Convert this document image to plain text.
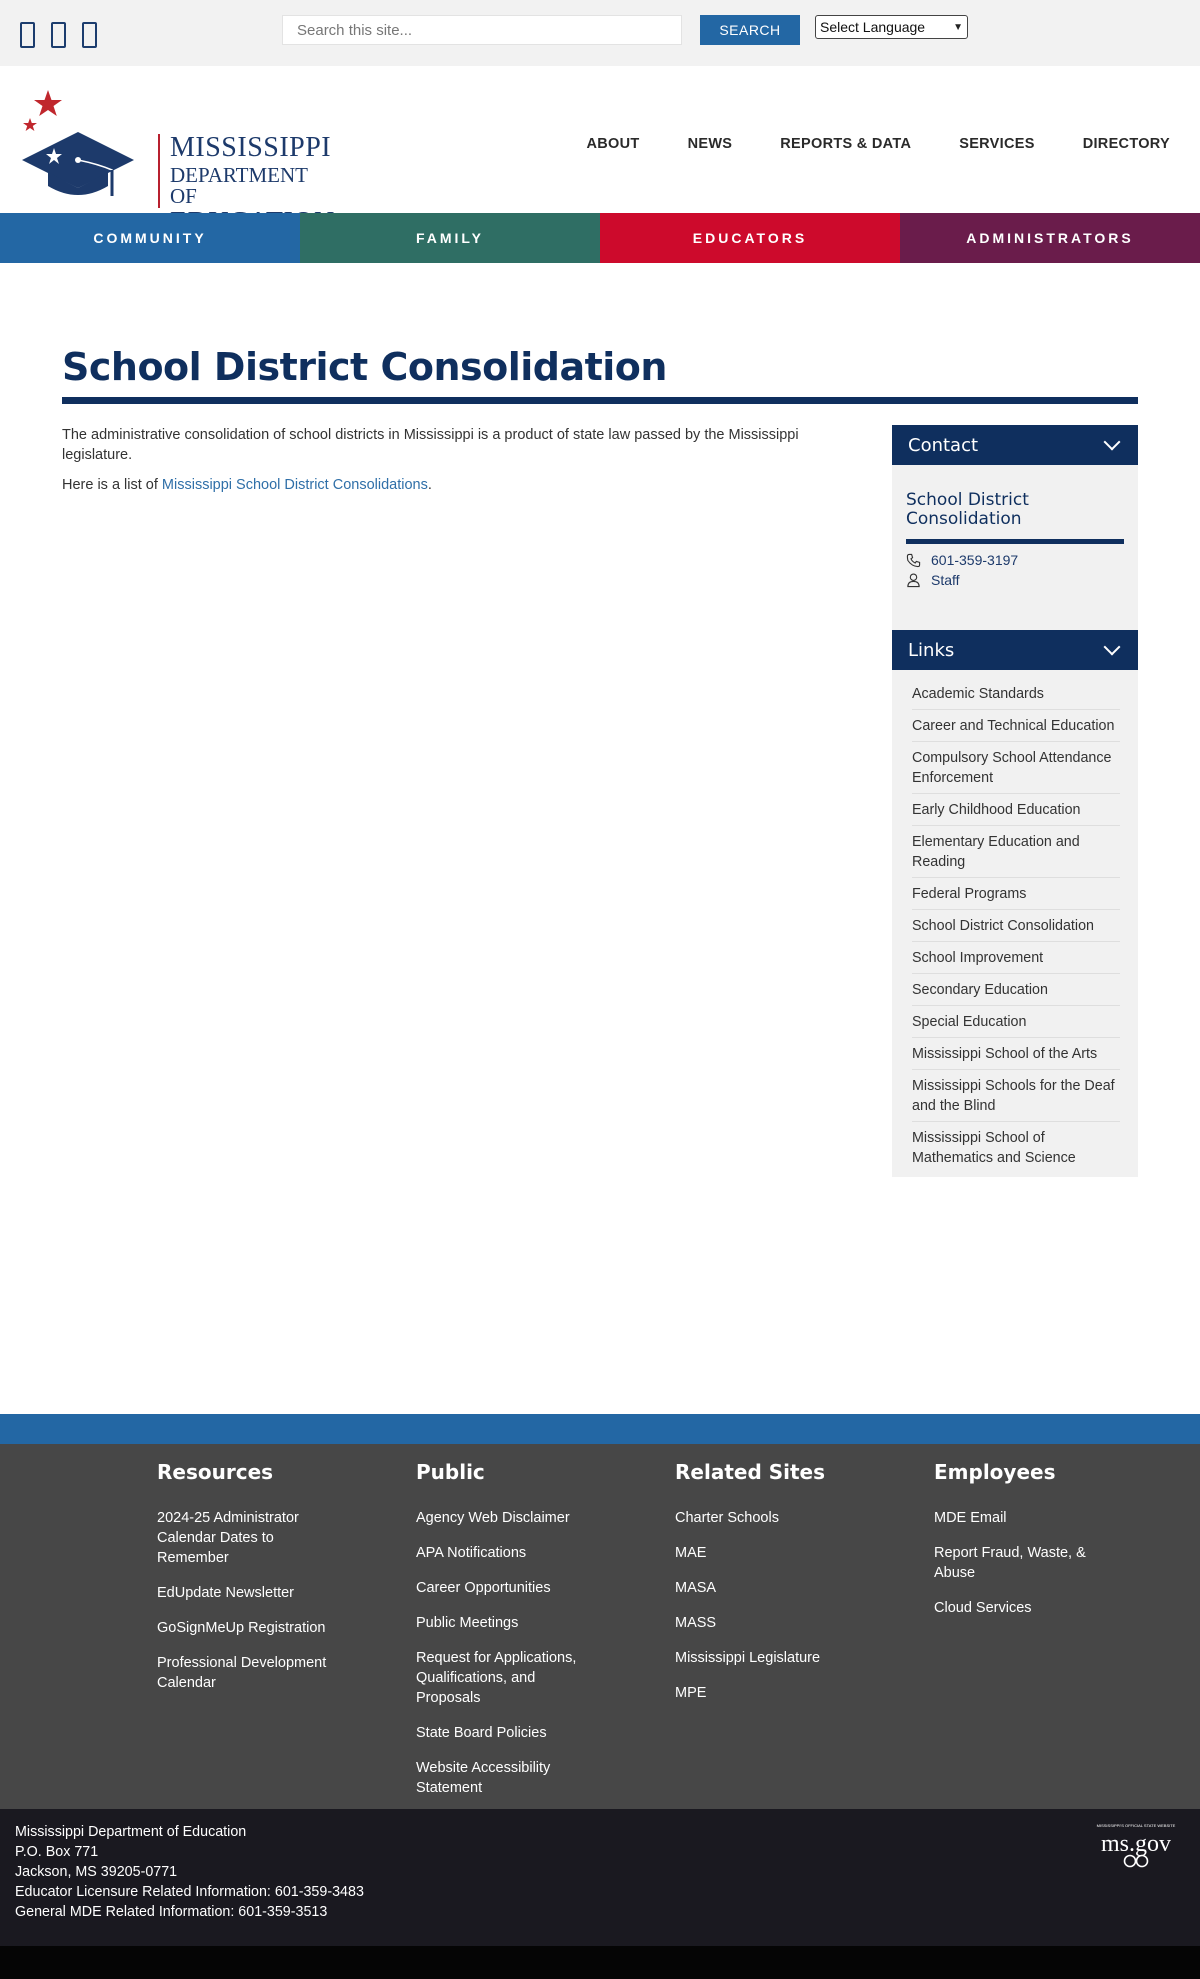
Search this site...
SEARCH	Select Language	▼
MISSISSIPPI
DEPARTMENT OF
ABOUT	NEWS	REPORTS & DATA	SERVICES	DIRECTORY
COMMUNITY	FAMILY	EDUCATORS	ADMINISTRATORS
School District Consolidation

The administrative consolidation of school districts in Mississippi is a product of state law passed by the Mississippi legislature.

Here is a list of Mississippi School District Consolidations.

Contact
School District Consolidation
601-359-3197
Staff
Links
Academic Standards
Career and Technical Education
Compulsory School Attendance Enforcement
Early Childhood Education
Elementary Education and Reading
Federal Programs
School District Consolidation
School Improvement
Secondary Education
Special Education
Mississippi School of the Arts
Mississippi Schools for the Deaf and the Blind
Mississippi School of Mathematics and Science
Resources
2024-25 Administrator Calendar Dates to Remember
EdUpdate Newsletter
GoSignMeUp Registration
Professional Development Calendar
Public
Agency Web Disclaimer
APA Notifications
Career Opportunities
Public Meetings
Request for Applications, Qualifications, and Proposals
State Board Policies
Website Accessibility Statement
Related Sites
Charter Schools
MAE
MASA
MASS
Mississippi Legislature
MPE
Employees
MDE Email
Report Fraud, Waste, & Abuse
Cloud Services
Mississippi Department of Education
P.O. Box 771
Jackson, MS 39205-0771
Educator Licensure Related Information: 601-359-3483
General MDE Related Information: 601-359-3513
MISSISSIPPI'S OFFICIAL STATE WEBSITE
ms.gov
